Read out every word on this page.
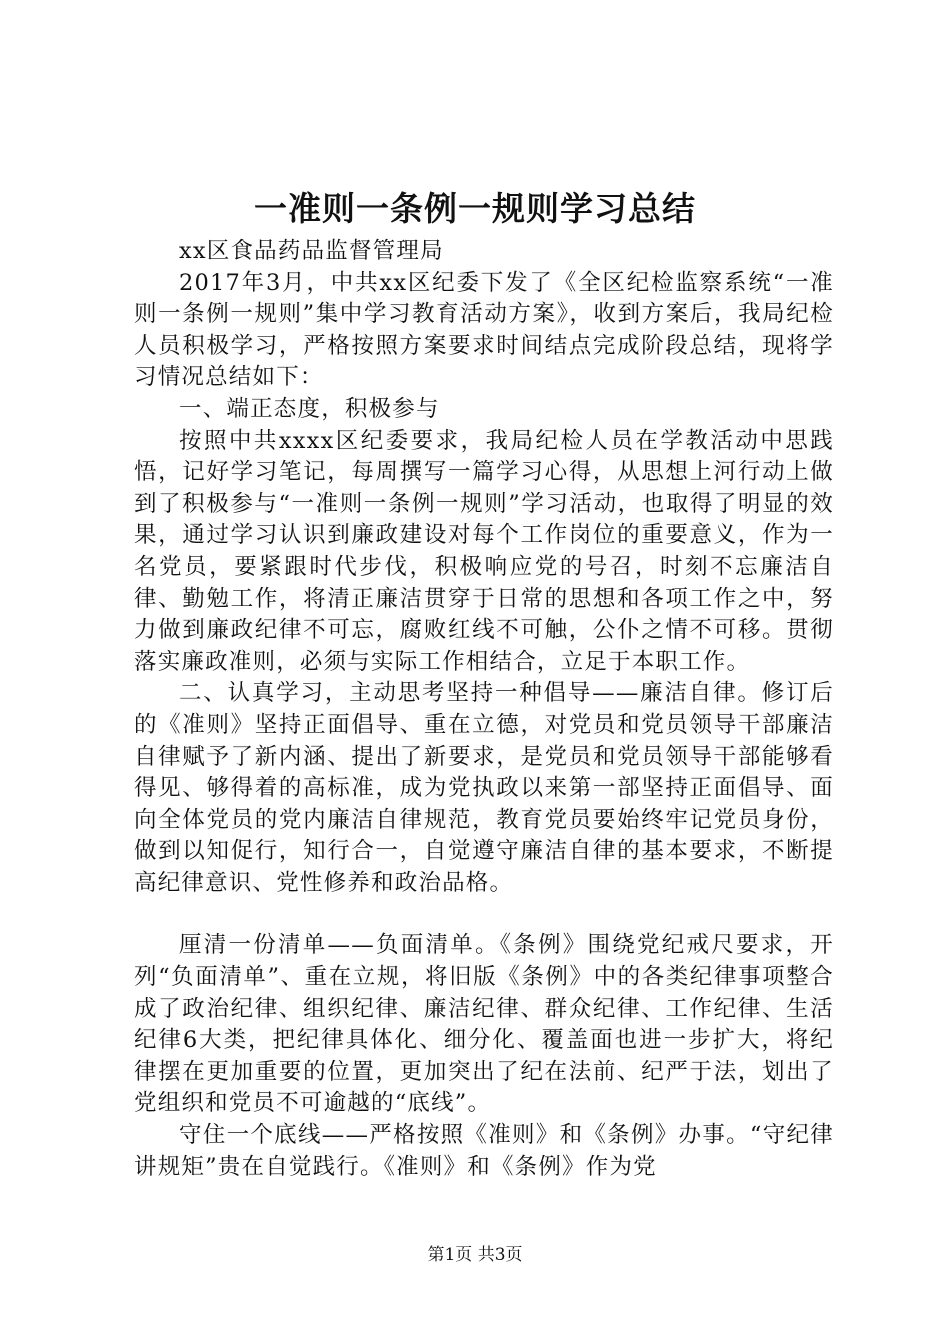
一准则一条例一规则学习总结

xx区食品药品监督管理局

2017年3月，中共xx区纪委下发了《全区纪检监察系统“一准则一条例一规则”集中学习教育活动方案》，收到方案后，我局纪检人员积极学习，严格按照方案要求时间结点完成阶段总结，现将学习情况总结如下：

一、端正态度，积极参与

按照中共xxxx区纪委要求，我局纪检人员在学教活动中思践悟，记好学习笔记，每周撰写一篇学习心得，从思想上河行动上做到了积极参与“一准则一条例一规则”学习活动，也取得了明显的效果，通过学习认识到廉政建设对每个工作岗位的重要意义，作为一名党员，要紧跟时代步伐，积极响应党的号召，时刻不忘廉洁自律、勤勉工作，将清正廉洁贯穿于日常的思想和各项工作之中，努力做到廉政纪律不可忘，腐败红线不可触，公仆之情不可移。贯彻落实廉政准则，必须与实际工作相结合，立足于本职工作。

二、认真学习，主动思考坚持一种倡导——廉洁自律。修订后的《准则》坚持正面倡导、重在立德，对党员和党员领导干部廉洁自律赋予了新内涵、提出了新要求，是党员和党员领导干部能够看得见、够得着的高标准，成为党执政以来第一部坚持正面倡导、面向全体党员的党内廉洁自律规范，教育党员要始终牢记党员身份，做到以知促行，知行合一，自觉遵守廉洁自律的基本要求，不断提高纪律意识、党性修养和政治品格。

厘清一份清单——负面清单。《条例》围绕党纪戒尺要求，开列“负面清单”、重在立规，将旧版《条例》中的各类纪律事项整合成了政治纪律、组织纪律、廉洁纪律、群众纪律、工作纪律、生活纪律6大类，把纪律具体化、细分化、覆盖面也进一步扩大，将纪律摆在更加重要的位置，更加突出了纪在法前、纪严于法，划出了党组织和党员不可逾越的“底线”。

守住一个底线——严格按照《准则》和《条例》办事。“守纪律讲规矩”贵在自觉践行。《准则》和《条例》作为党

第1页 共3页
